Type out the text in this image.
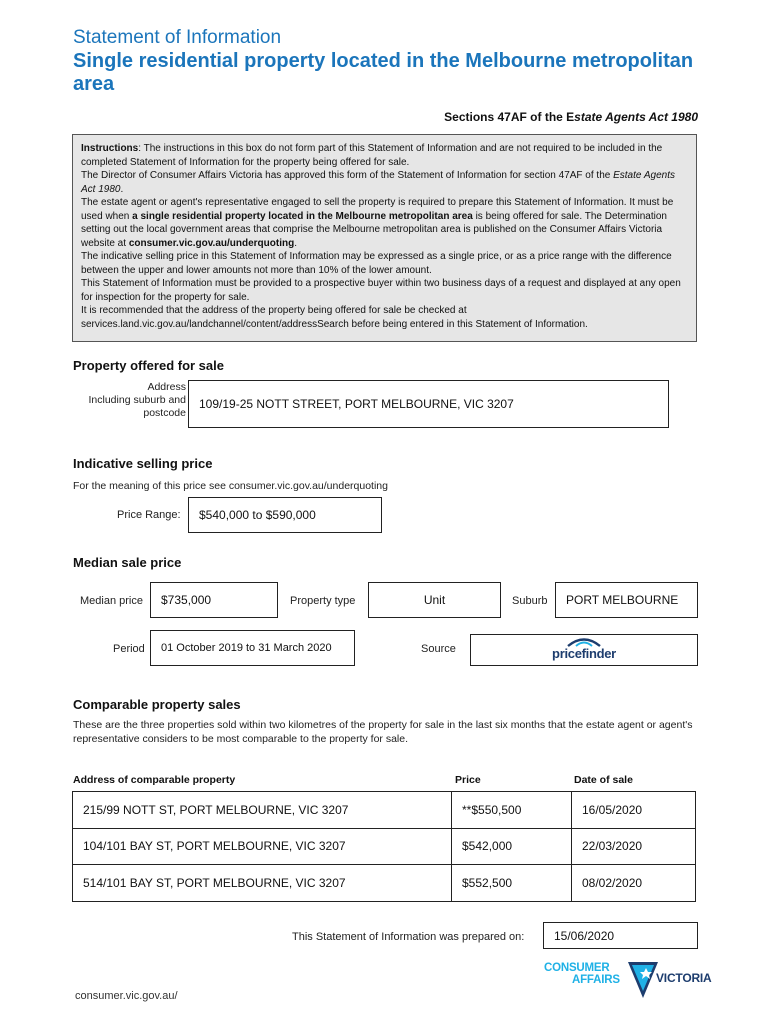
Statement of Information
Single residential property located in the Melbourne metropolitan area
Sections 47AF of the Estate Agents Act 1980

Instructions: The instructions in this box do not form part of this Statement of Information and are not required to be included in the completed Statement of Information for the property being offered for sale.

The Director of Consumer Affairs Victoria has approved this form of the Statement of Information for section 47AF of the Estate Agents Act 1980.

The estate agent or agent's representative engaged to sell the property is required to prepare this Statement of Information. It must be used when a single residential property located in the Melbourne metropolitan area is being offered for sale. The Determination setting out the local government areas that comprise the Melbourne metropolitan area is published on the Consumer Affairs Victoria website at consumer.vic.gov.au/underquoting.

The indicative selling price in this Statement of Information may be expressed as a single price, or as a price range with the difference between the upper and lower amounts not more than 10% of the lower amount.

This Statement of Information must be provided to a prospective buyer within two business days of a request and displayed at any open for inspection for the property for sale.

It is recommended that the address of the property being offered for sale be checked at services.land.vic.gov.au/landchannel/content/addressSearch before being entered in this Statement of Information.

Property offered for sale
Address
Including suburb and
postcode
109/19-25 NOTT STREET, PORT MELBOURNE, VIC 3207
Indicative selling price
For the meaning of this price see consumer.vic.gov.au/underquoting
Price Range:	$540,000 to $590,000
Median sale price
Median price	$735,000	Property type	Unit	Suburb	PORT MELBOURNE
Period	01 October 2019 to 31 March 2020	Source	pricefinder
Comparable property sales
These are the three properties sold within two kilometres of the property for sale in the last six months that the estate agent or agent's representative considers to be most comparable to the property for sale.
Address of comparable property	Price	Date of sale
215/99 NOTT ST, PORT MELBOURNE, VIC 3207	**$550,500	16/05/2020
104/101 BAY ST, PORT MELBOURNE, VIC 3207	$542,000	22/03/2020
514/101 BAY ST, PORT MELBOURNE, VIC 3207	$552,500	08/02/2020
This Statement of Information was prepared on:	15/06/2020
CONSUMER
AFFAIRS	VICTORIA
consumer.vic.gov.au/
